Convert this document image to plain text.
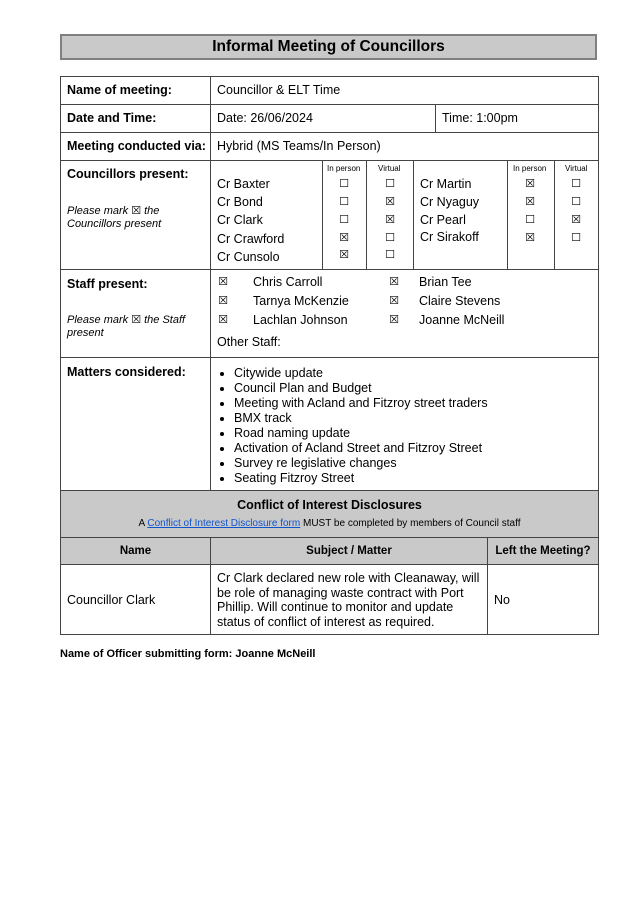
Informal Meeting of Councillors
Name of meeting:	Councillor & ELT Time
Date and Time:	Date: 26/06/2024	Time: 1:00pm
Meeting conducted via: Hybrid (MS Teams/In Person)
Councillors present:
Please mark ☒ the Councillors present
In person Virtual	In person Virtual
Cr Baxter	☐	☐
Cr Bond	☐	☒
Cr Clark	☐	☒
Cr Crawford	☒	☐
Cr Cunsolo	☒	☐
Cr Martin	☒	☐
Cr Nyaguy	☒	☐
Cr Pearl	☐	☒
Cr Sirakoff	☒	☐
Staff present:
Please mark ☒ the Staff present
☒ Chris Carroll
☒ Tarnya McKenzie
☒ Lachlan Johnson
☒ Brian Tee
☒ Claire Stevens
☒ Joanne McNeill
Other Staff:
Matters considered:
•	Citywide update
• Council Plan and Budget
• Meeting with Acland and Fitzroy street traders
• BMX track
• Road naming update
• Activation of Acland Street and Fitzroy Street
• Survey re legislative changes
• Seating Fitzroy Street
Conflict of Interest Disclosures
A Conflict of Interest Disclosure form MUST be completed by members of Council staff
Name	Subject / Matter	Left the Meeting?
Councillor Clark
Cr Clark declared new role with Cleanaway, will be role of managing waste contract with Port Phillip. Will continue to monitor and update status of conflict of interest as required.
No
Name of Officer submitting form: Joanne McNeill
